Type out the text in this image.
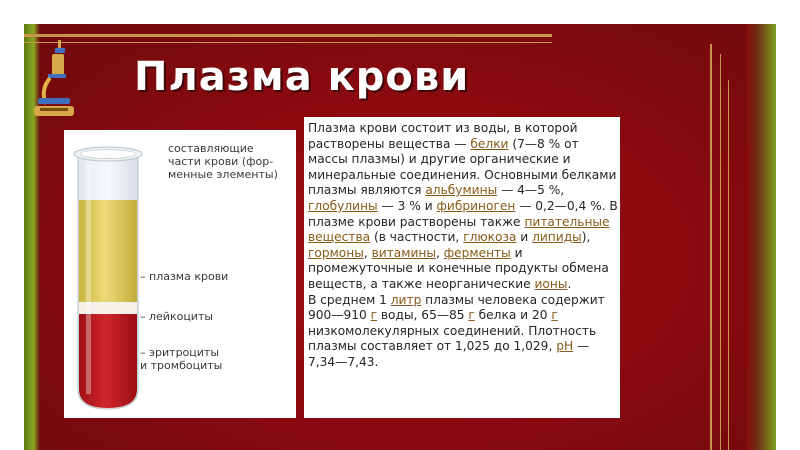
Плазма крови
составляющие
части крови (фор-
менные элементы)
– плазма крови
– лейкоциты
– эритроциты
и тромбоциты

Плазма крови состоит из воды, в которой растворены вещества — белки (7—8 % от массы плазмы) и другие органические и минеральные соединения. Основными белками плазмы являются альбумины — 4—5 %, глобулины — 3 % и фибриноген — 0,2—0,4 %. В плазме крови растворены также питательные вещества (в частности, глюкоза и липиды), гормоны, витамины, ферменты и промежуточные и конечные продукты обмена веществ, а также неорганические ионы.

В среднем 1 литр плазмы человека содержит 900—910 г воды, 65—85 г белка и 20 г низкомолекулярных соединений. Плотность плазмы составляет от 1,025 до 1,029, pH — 7,34—7,43.
